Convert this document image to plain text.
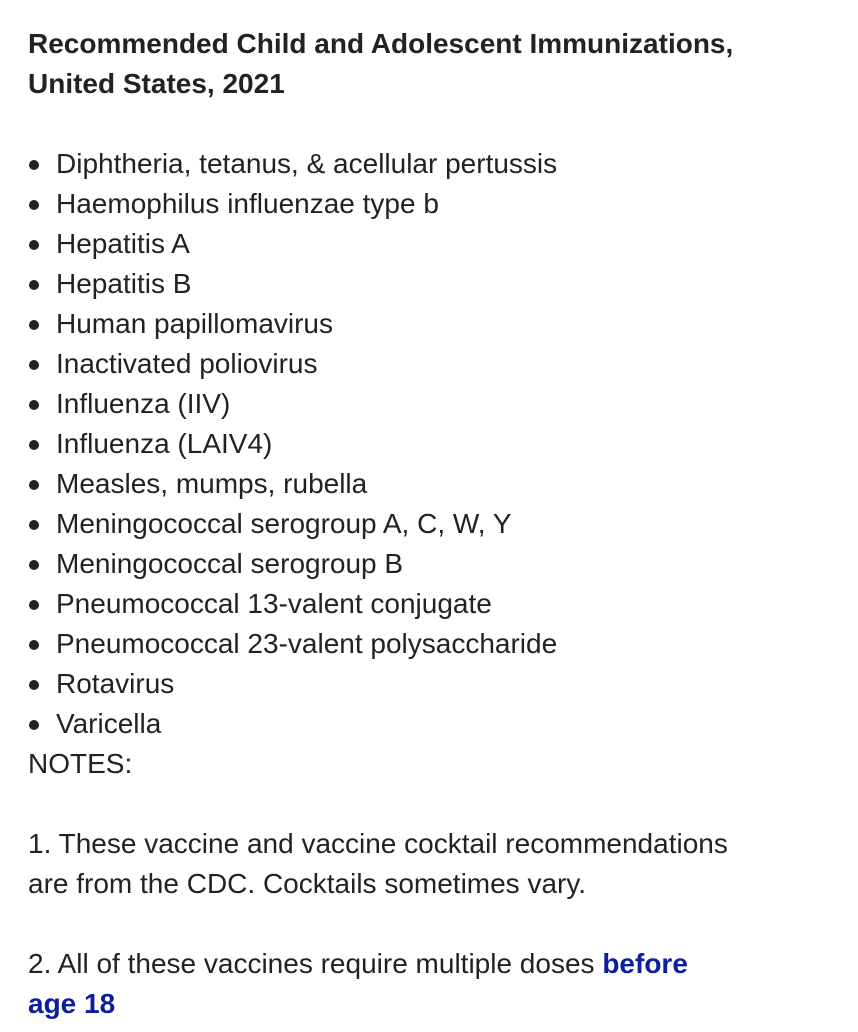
Recommended Child and Adolescent Immunizations,
United States, 2021
Diphtheria, tetanus, & acellular pertussis
Haemophilus influenzae type b
Hepatitis A
Hepatitis B
Human papillomavirus
Inactivated poliovirus
Influenza (IIV)
Influenza (LAIV4)
Measles, mumps, rubella
Meningococcal serogroup A, C, W, Y
Meningococcal serogroup B
Pneumococcal 13-valent conjugate
Pneumococcal 23-valent polysaccharide
Rotavirus
Varicella

NOTES:

1. These vaccine and vaccine cocktail recommendations
are from the CDC. Cocktails sometimes vary.

2. All of these vaccines require multiple doses before
age 18
